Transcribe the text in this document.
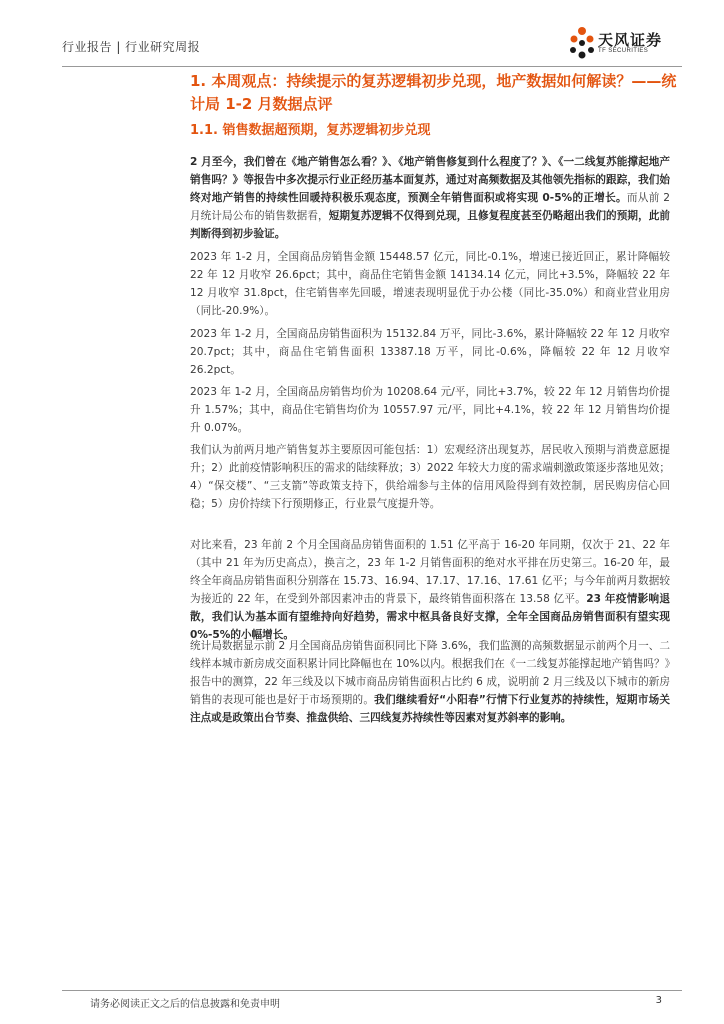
行业报告 | 行业研究周报	天风证券
TF SECURITIES
1. 本周观点：持续提示的复苏逻辑初步兑现，地产数据如何解读？——统计局 1-2 月数据点评
1.1. 销售数据超预期，复苏逻辑初步兑现

2 月至今，我们曾在《地产销售怎么看？》、《地产销售修复到什么程度了？》、《一二线复苏能撑起地产销售吗？》等报告中多次提示行业正经历基本面复苏，通过对高频数据及其他领先指标的跟踪，我们始终对地产销售的持续性回暖持积极乐观态度，预测全年销售面积或将实现 0-5%的正增长。而从前 2 月统计局公布的销售数据看，短期复苏逻辑不仅得到兑现，且修复程度甚至仍略超出我们的预期，此前判断得到初步验证。

2023 年 1-2 月，全国商品房销售金额 15448.57 亿元，同比-0.1%，增速已接近回正，累计降幅较 22 年 12 月收窄 26.6pct；其中，商品住宅销售金额 14134.14 亿元，同比+3.5%，降幅较 22 年 12 月收窄 31.8pct，住宅销售率先回暖，增速表现明显优于办公楼（同比-35.0%）和商业营业用房（同比-20.9%）。

2023 年 1-2 月，全国商品房销售面积为 15132.84 万平，同比-3.6%，累计降幅较 22 年 12 月收窄 20.7pct；其中，商品住宅销售面积 13387.18 万平，同比-0.6%，降幅较 22 年 12 月收窄 26.2pct。

2023 年 1-2 月，全国商品房销售均价为 10208.64 元/平，同比+3.7%，较 22 年 12 月销售均价提升 1.57%；其中，商品住宅销售均价为 10557.97 元/平，同比+4.1%，较 22 年 12 月销售均价提升 0.07%。

我们认为前两月地产销售复苏主要原因可能包括：1）宏观经济出现复苏，居民收入预期与消费意愿提升；2）此前疫情影响积压的需求的陆续释放；3）2022 年较大力度的需求端刺激政策逐步落地见效；4）“保交楼”、“三支箭”等政策支持下，供给端参与主体的信用风险得到有效控制，居民购房信心回稳；5）房价持续下行预期修正，行业景气度提升等。

对比来看，23 年前 2 个月全国商品房销售面积的 1.51 亿平高于 16-20 年同期，仅次于 21、22 年（其中 21 年为历史高点），换言之，23 年 1-2 月销售面积的绝对水平排在历史第三。16-20 年，最终全年商品房销售面积分别落在 15.73、16.94、17.17、17.16、17.61 亿平；与今年前两月数据较为接近的 22 年，在受到外部因素冲击的背景下，最终销售面积落在 13.58 亿平。23 年疫情影响退散，我们认为基本面有望维持向好趋势，需求中枢具备良好支撑，全年全国商品房销售面积有望实现 0%-5%的小幅增长。

统计局数据显示前 2 月全国商品房销售面积同比下降 3.6%，我们监测的高频数据显示前两个月一、二线样本城市新房成交面积累计同比降幅也在 10%以内。根据我们在《一二线复苏能撑起地产销售吗？》报告中的测算，22 年三线及以下城市商品房销售面积占比约 6 成，说明前 2 月三线及以下城市的新房销售的表现可能也是好于市场预期的。我们继续看好“小阳春”行情下行业复苏的持续性，短期市场关注点或是政策出台节奏、推盘供给、三四线复苏持续性等因素对复苏斜率的影响。

请务必阅读正文之后的信息披露和免责申明	3
